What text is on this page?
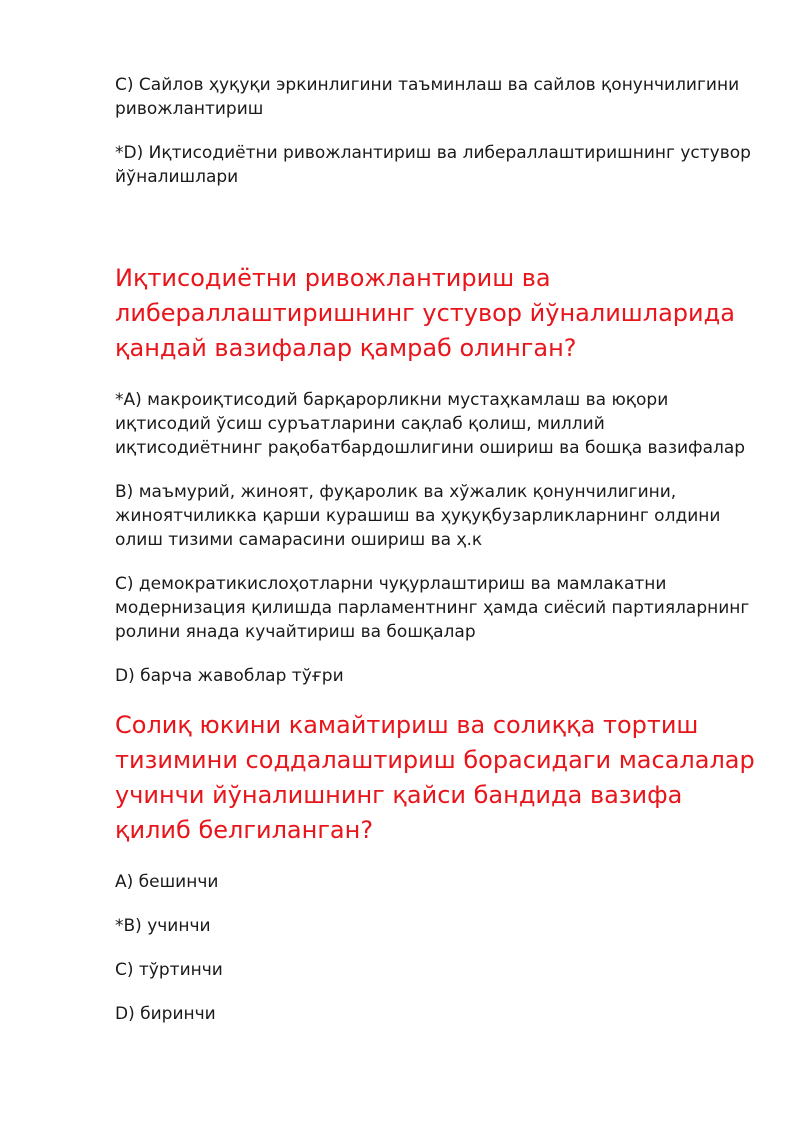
C) Сайлов ҳуқуқи эркинлигини таъминлаш ва сайлов қонунчилигини ривожлантириш

*D) Иқтисодиётни ривожлантириш ва либераллаштиришнинг устувор йўналишлари

Иқтисодиётни ривожлантириш ва либераллаштиришнинг устувор йўналишларида қандай вазифалар қамраб олинган?

*A) макроиқтисодий барқарорликни мустаҳкамлаш ва юқори иқтисодий ўсиш суръатларини сақлаб қолиш, миллий иқтисодиётнинг рақобатбардошлигини ошириш ва бошқа вазифалар

B) маъмурий, жиноят, фуқаролик ва хўжалик қонунчилигини, жиноятчиликка қарши курашиш ва ҳуқуқбузарликларнинг олдини олиш тизими самарасини ошириш ва ҳ.к

C) демократикислоҳотларни чуқурлаштириш ва мамлакатни модернизация қилишда парламентнинг ҳамда сиёсий партияларнинг ролини янада кучайтириш ва бошқалар

D) барча жавоблар тўғри

Солиқ юкини камайтириш ва солиққа тортиш тизимини соддалаштириш борасидаги масалалар учинчи йўналишнинг қайси бандида вазифа қилиб белгиланган?

A) бешинчи

*B) учинчи

C) тўртинчи

D) биринчи
